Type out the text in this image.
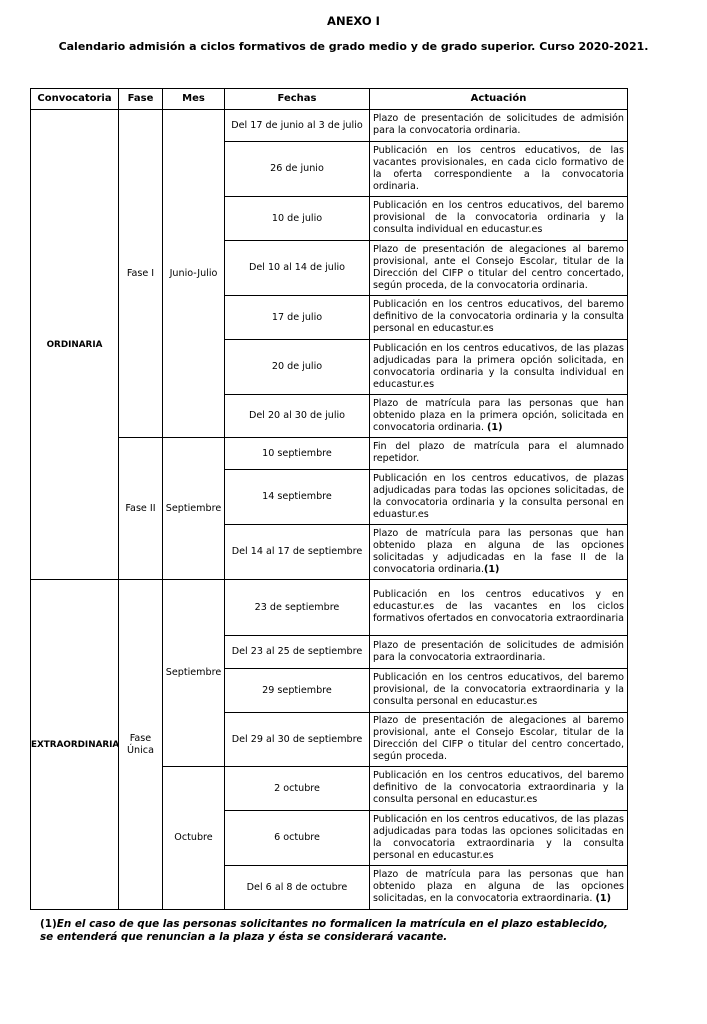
ANEXO I
Calendario admisión a ciclos formativos de grado medio y de grado superior. Curso 2020-2021.
Convocatoria	Fase	Mes	Fechas	Actuación
ORDINARIA	Fase I	Junio-Julio	Del 17 de junio al 3 de julio	Plazo de presentación de solicitudes de admisión para la convocatoria ordinaria.
			26 de junio	Publicación en los centros educativos, de las vacantes provisionales, en cada ciclo formativo de la oferta correspondiente a la convocatoria ordinaria.
			10 de julio	Publicación en los centros educativos, del baremo provisional de la convocatoria ordinaria y la consulta individual en educastur.es
			Del 10 al 14 de julio	Plazo de presentación de alegaciones al baremo provisional, ante el Consejo Escolar, titular de la Dirección del CIFP o titular del centro concertado, según proceda, de la convocatoria ordinaria.
			17 de julio	Publicación en los centros educativos, del baremo definitivo de la convocatoria ordinaria y la consulta personal en educastur.es
			20 de julio	Publicación en los centros educativos, de las plazas adjudicadas para la primera opción solicitada, en convocatoria ordinaria y la consulta individual en educastur.es
			Del 20 al 30 de julio	Plazo de matrícula para las personas que han obtenido plaza en la primera opción, solicitada en convocatoria ordinaria. (1)
	Fase II	Septiembre	10 septiembre	Fin del plazo de matrícula para el alumnado repetidor.
			14 septiembre	Publicación en los centros educativos, de plazas adjudicadas para todas las opciones solicitadas, de la convocatoria ordinaria y la consulta personal en eduastur.es
			Del 14 al 17 de septiembre	Plazo de matrícula para las personas que han obtenido plaza en alguna de las opciones solicitadas y adjudicadas en la fase II de la convocatoria ordinaria.(1)
EXTRAORDINARIA	Fase Única	Septiembre	23 de septiembre	Publicación en los centros educativos y en educastur.es de las vacantes en los ciclos formativos ofertados en convocatoria extraordinaria
			Del 23 al 25 de septiembre	Plazo de presentación de solicitudes de admisión para la convocatoria extraordinaria.
			29 septiembre	Publicación en los centros educativos, del baremo provisional, de la convocatoria extraordinaria y la consulta personal en educastur.es
			Del 29 al 30 de septiembre	Plazo de presentación de alegaciones al baremo provisional, ante el Consejo Escolar, titular de la Dirección del CIFP o titular del centro concertado, según proceda.
		Octubre	2 octubre	Publicación en los centros educativos, del baremo definitivo de la convocatoria extraordinaria y la consulta personal en educastur.es
			6 octubre	Publicación en los centros educativos, de las plazas adjudicadas para todas las opciones solicitadas en la convocatoria extraordinaria y la consulta personal en educastur.es
			Del 6 al 8 de octubre	Plazo de matrícula para las personas que han obtenido plaza en alguna de las opciones solicitadas, en la convocatoria extraordinaria. (1)
(1)En el caso de que las personas solicitantes no formalicen la matrícula en el plazo establecido, se entenderá que renuncian a la plaza y ésta se considerará vacante.
